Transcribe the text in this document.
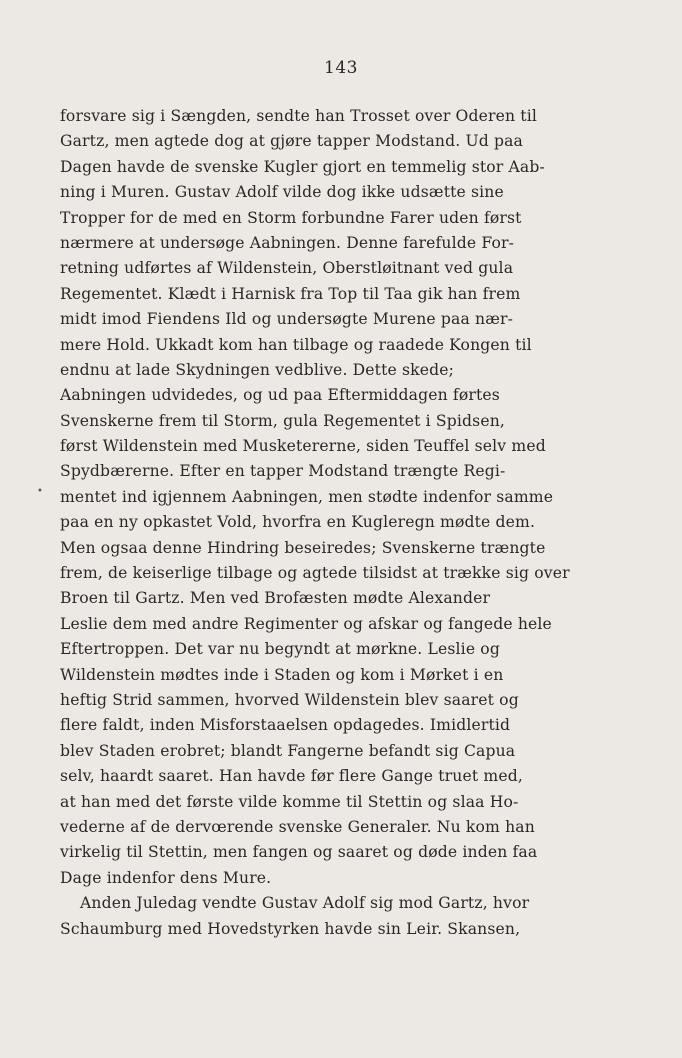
143
•
forsvare sig i Sængden, sendte han Trosset over Oderen til
Gartz, men agtede dog at gjøre tapper Modstand. Ud paa
Dagen havde de svenske Kugler gjort en temmelig stor Aab-
ning i Muren. Gustav Adolf vilde dog ikke udsætte sine
Tropper for de med en Storm forbundne Farer uden først
nærmere at undersøge Aabningen. Denne farefulde For-
retning udførtes af Wildenstein, Oberstløitnant ved gula
Regementet. Klædt i Harnisk fra Top til Taa gik han frem
midt imod Fiendens Ild og undersøgte Murene paa nær-
mere Hold. Ukkadt kom han tilbage og raadede Kongen til
endnu at lade Skydningen vedblive. Dette skede;
Aabningen udvidedes, og ud paa Eftermiddagen førtes
Svenskerne frem til Storm, gula Regementet i Spidsen,
først Wildenstein med Musketererne, siden Teuffel selv med
Spydbærerne. Efter en tapper Modstand trængte Regi-
mentet ind igjennem Aabningen, men stødte indenfor samme
paa en ny opkastet Vold, hvorfra en Kugleregn mødte dem.
Men ogsaa denne Hindring beseiredes; Svenskerne trængte
frem, de keiserlige tilbage og agtede tilsidst at trække sig over
Broen til Gartz. Men ved Brofæsten mødte Alexander
Leslie dem med andre Regimenter og afskar og fangede hele
Eftertroppen. Det var nu begyndt at mørkne. Leslie og
Wildenstein mødtes inde i Staden og kom i Mørket i en
heftig Strid sammen, hvorved Wildenstein blev saaret og
flere faldt, inden Misforstaaelsen opdagedes. Imidlertid
blev Staden erobret; blandt Fangerne befandt sig Capua
selv, haardt saaret. Han havde før flere Gange truet med,
at han med det første vilde komme til Stettin og slaa Ho-
vederne af de dervœrende svenske Generaler. Nu kom han
virkelig til Stettin, men fangen og saaret og døde inden faa
Dage indenfor dens Mure.
Anden Juledag vendte Gustav Adolf sig mod Gartz, hvor
Schaumburg med Hovedstyrken havde sin Leir. Skansen,
